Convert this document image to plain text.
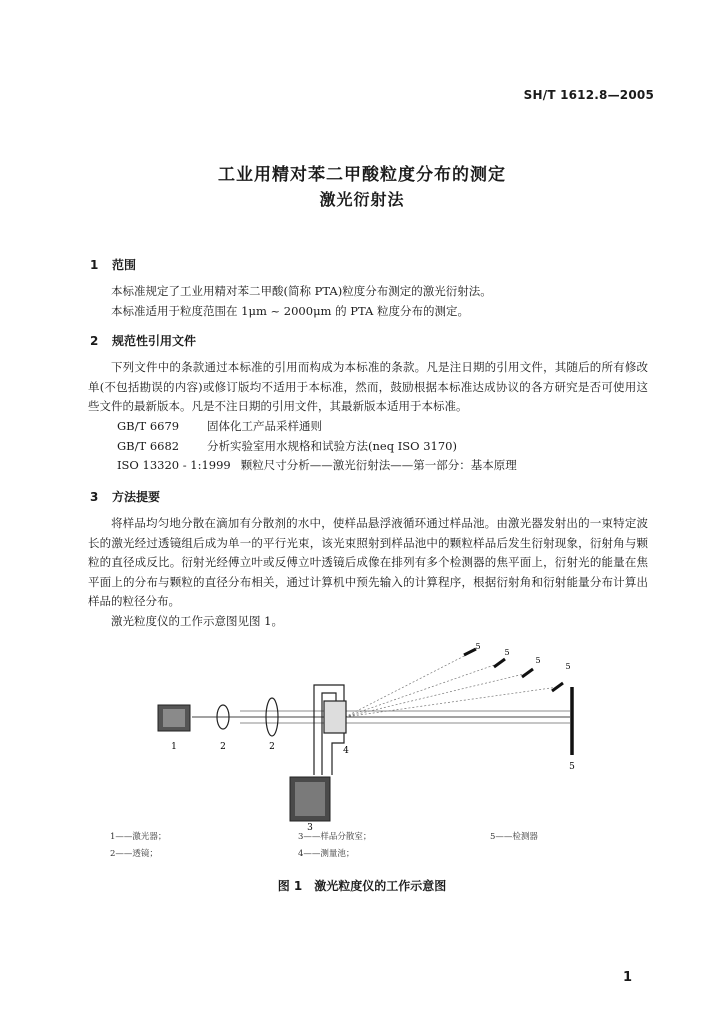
SH/T 1612.8—2005
工业用精对苯二甲酸粒度分布的测定
激光衍射法
1 范围

本标准规定了工业用精对苯二甲酸(简称 PTA)粒度分布测定的激光衍射法。

本标准适用于粒度范围在 1μm ~ 2000μm 的 PTA 粒度分布的测定。

2 规范性引用文件

下列文件中的条款通过本标准的引用而构成为本标准的条款。凡是注日期的引用文件，其随后的所有修改单(不包括勘误的内容)或修订版均不适用于本标准，然而，鼓励根据本标准达成协议的各方研究是否可使用这些文件的最新版本。凡是不注日期的引用文件，其最新版本适用于本标准。

GB/T 6679 固体化工产品采样通则
GB/T 6682 分析实验室用水规格和试验方法(neq ISO 3170)
ISO 13320 - 1:1999 颗粒尺寸分析——激光衍射法——第一部分：基本原理
3 方法提要

将样品均匀地分散在滴加有分散剂的水中，使样品悬浮液循环通过样品池。由激光器发射出的一束特定波长的激光经过透镜组后成为单一的平行光束，该光束照射到样品池中的颗粒样品后发生衍射现象，衍射角与颗粒的直径成反比。衍射光经傅立叶或反傅立叶透镜后成像在排列有多个检测器的焦平面上，衍射光的能量在焦平面上的分布与颗粒的直径分布相关，通过计算机中预先输入的计算程序，根据衍射角和衍射能量分布计算出样品的粒径分布。

激光粒度仪的工作示意图见图 1。

1	2	2	4
3
5
5
5
5
5
1——激光器；
2——透镜；
3——样品分散室；
4——测量池；
5——检测器
图 1　激光粒度仪的工作示意图
1
